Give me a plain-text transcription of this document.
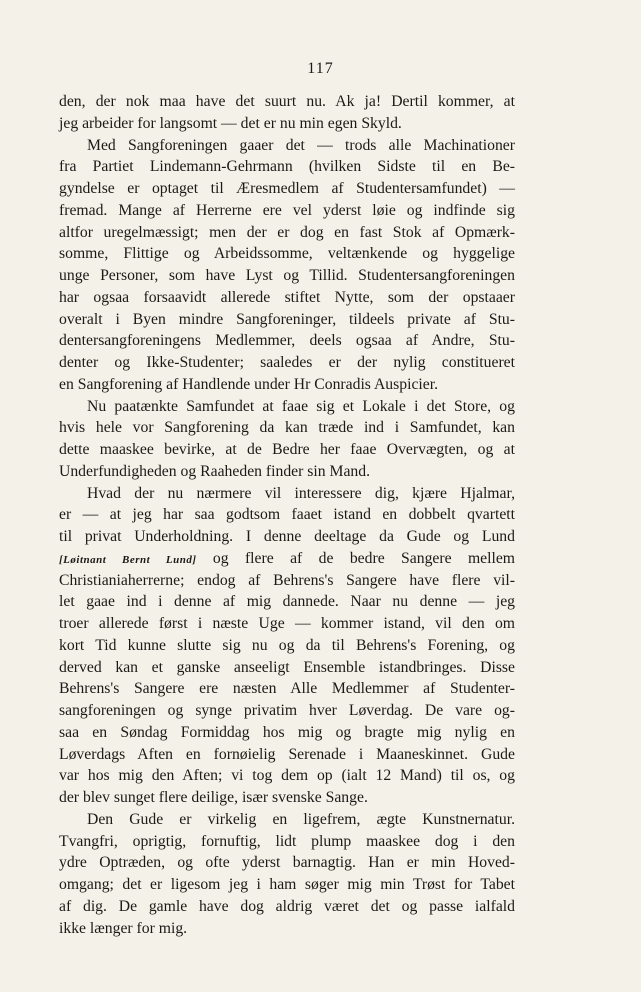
117
den, der nok maa have det suurt nu. Ak ja! Dertil kommer, at
jeg arbeider for langsomt — det er nu min egen Skyld.
Med Sangforeningen gaaer det — trods alle Machinationer
fra Partiet Lindemann-Gehrmann (hvilken Sidste til en Be-
gyndelse er optaget til Æresmedlem af Studentersamfundet) —
fremad. Mange af Herrerne ere vel yderst løie og indfinde sig
altfor uregelmæssigt; men der er dog en fast Stok af Opmærk-
somme, Flittige og Arbeidssomme, veltænkende og hyggelige
unge Personer, som have Lyst og Tillid. Studentersangforeningen
har ogsaa forsaavidt allerede stiftet Nytte, som der opstaaer
overalt i Byen mindre Sangforeninger, tildeels private af Stu-
dentersangforeningens Medlemmer, deels ogsaa af Andre, Stu-
denter og Ikke-Studenter; saaledes er der nylig constitueret
en Sangforening af Handlende under Hr Conradis Auspicier.
Nu paatænkte Samfundet at faae sig et Lokale i det Store, og
hvis hele vor Sangforening da kan træde ind i Samfundet, kan
dette maaskee bevirke, at de Bedre her faae Overvægten, og at
Underfundigheden og Raaheden finder sin Mand.
Hvad der nu nærmere vil interessere dig, kjære Hjalmar,
er — at jeg har saa godtsom faaet istand en dobbelt qvartett
til privat Underholdning. I denne deeltage da Gude og Lund
[Løitnant Bernt Lund] og flere af de bedre Sangere mellem
Christianiaherrerne; endog af Behrens's Sangere have flere vil-
let gaae ind i denne af mig dannede. Naar nu denne — jeg
troer allerede først i næste Uge — kommer istand, vil den om
kort Tid kunne slutte sig nu og da til Behrens's Forening, og
derved kan et ganske anseeligt Ensemble istandbringes. Disse
Behrens's Sangere ere næsten Alle Medlemmer af Studenter-
sangforeningen og synge privatim hver Løverdag. De vare og-
saa en Søndag Formiddag hos mig og bragte mig nylig en
Løverdags Aften en fornøielig Serenade i Maaneskinnet. Gude
var hos mig den Aften; vi tog dem op (ialt 12 Mand) til os, og
der blev sunget flere deilige, især svenske Sange.
Den Gude er virkelig en ligefrem, ægte Kunstnernatur.
Tvangfri, oprigtig, fornuftig, lidt plump maaskee dog i den
ydre Optræden, og ofte yderst barnagtig. Han er min Hoved-
omgang; det er ligesom jeg i ham søger mig min Trøst for Tabet
af dig. De gamle have dog aldrig været det og passe ialfald
ikke længer for mig.
